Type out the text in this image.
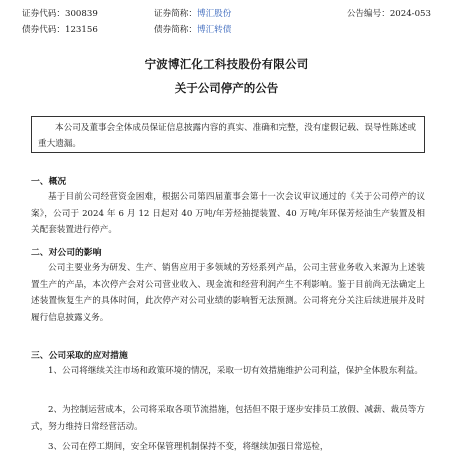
证券代码：300839	证券简称：博汇股份	公告编号：2024-053
债券代码：123156	债券简称：博汇转债
宁波博汇化工科技股份有限公司
关于公司停产的公告
本公司及董事会全体成员保证信息披露内容的真实、准确和完整，没有虚假记载、误导性陈述或重大遗漏。
一、概况
基于目前公司经营资金困难，根据公司第四届董事会第十一次会议审议通过的《关于公司停产的议案》，公司于 2024 年 6 月 12 日起对 40 万吨/年芳烃抽提装置、40 万吨/年环保芳烃油生产装置及相关配套装置进行停产。
二、对公司的影响
公司主要业务为研发、生产、销售应用于多领域的芳烃系列产品，公司主营业务收入来源为上述装置生产的产品，本次停产会对公司营业收入、现金流和经营利润产生不利影响。鉴于目前尚无法确定上述装置恢复生产的具体时间，此次停产对公司业绩的影响暂无法预测。公司将充分关注后续进展并及时履行信息披露义务。
三、公司采取的应对措施
1、公司将继续关注市场和政策环境的情况，采取一切有效措施维护公司利益，保护全体股东利益。
2、为控制运营成本，公司将采取各项节流措施，包括但不限于逐步安排员工放假、减薪、裁员等方式，努力维持日常经营活动。
3、公司在停工期间，安全环保管理机制保持不变，将继续加强日常巡检，
